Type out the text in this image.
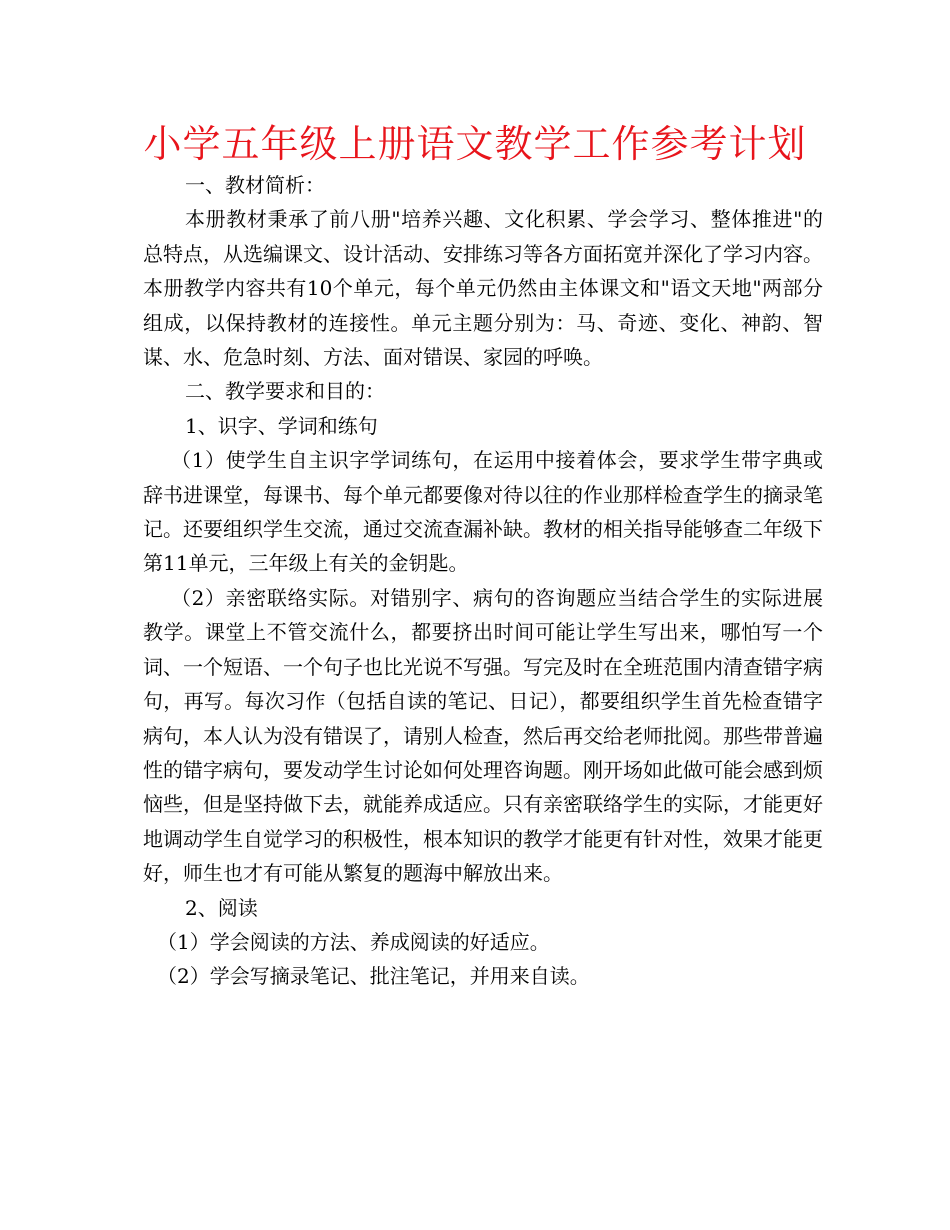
小学五年级上册语文教学工作参考计划

一、教材简析：

本册教材秉承了前八册"培养兴趣、文化积累、学会学习、整体推进"的总特点，从选编课文、设计活动、安排练习等各方面拓宽并深化了学习内容。本册教学内容共有10个单元，每个单元仍然由主体课文和"语文天地"两部分组成，以保持教材的连接性。单元主题分别为：马、奇迹、变化、神韵、智谋、水、危急时刻、方法、面对错误、家园的呼唤。

二、教学要求和目的：

1、识字、学词和练句

（1）使学生自主识字学词练句，在运用中接着体会，要求学生带字典或辞书进课堂，每课书、每个单元都要像对待以往的作业那样检查学生的摘录笔记。还要组织学生交流，通过交流查漏补缺。教材的相关指导能够查二年级下第11单元，三年级上有关的金钥匙。

（2）亲密联络实际。对错别字、病句的咨询题应当结合学生的实际进展教学。课堂上不管交流什么，都要挤出时间可能让学生写出来，哪怕写一个词、一个短语、一个句子也比光说不写强。写完及时在全班范围内清查错字病句，再写。每次习作（包括自读的笔记、日记），都要组织学生首先检查错字病句，本人认为没有错误了，请别人检查，然后再交给老师批阅。那些带普遍性的错字病句，要发动学生讨论如何处理咨询题。刚开场如此做可能会感到烦恼些，但是坚持做下去，就能养成适应。只有亲密联络学生的实际，才能更好地调动学生自觉学习的积极性，根本知识的教学才能更有针对性，效果才能更好，师生也才有可能从繁复的题海中解放出来。

2、阅读

（1）学会阅读的方法、养成阅读的好适应。

（2）学会写摘录笔记、批注笔记，并用来自读。
